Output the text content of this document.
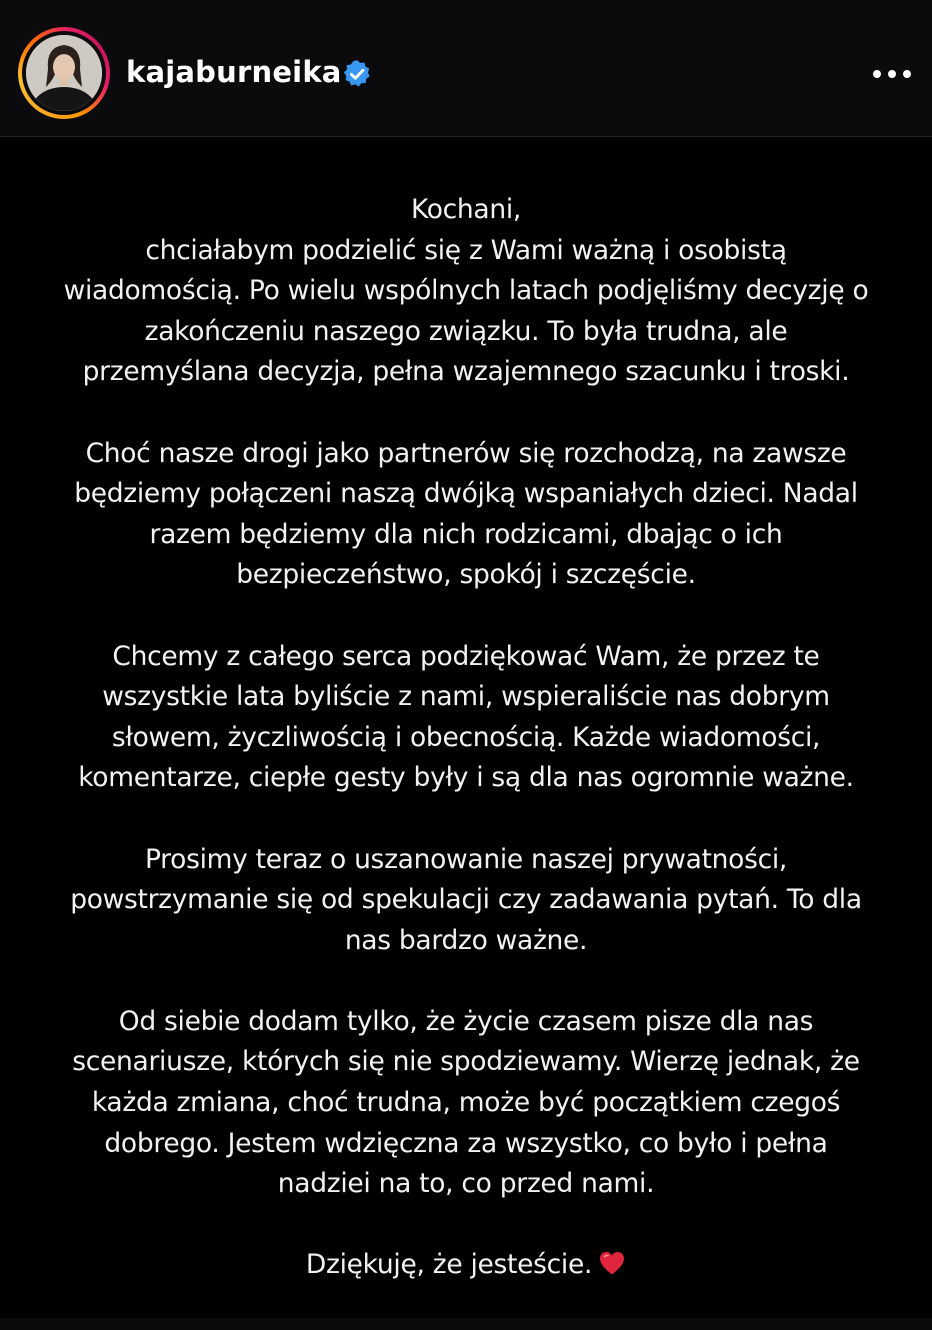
kajaburneika
Kochani,
chciałabym podzielić się z Wami ważną i osobistą
wiadomością. Po wielu wspólnych latach podjęliśmy decyzję o
zakończeniu naszego związku. To była trudna, ale
przemyślana decyzja, pełna wzajemnego szacunku i troski.
Choć nasze drogi jako partnerów się rozchodzą, na zawsze
będziemy połączeni naszą dwójką wspaniałych dzieci. Nadal
razem będziemy dla nich rodzicami, dbając o ich
bezpieczeństwo, spokój i szczęście.
Chcemy z całego serca podziękować Wam, że przez te
wszystkie lata byliście z nami, wspieraliście nas dobrym
słowem, życzliwością i obecnością. Każde wiadomości,
komentarze, ciepłe gesty były i są dla nas ogromnie ważne.
Prosimy teraz o uszanowanie naszej prywatności,
powstrzymanie się od spekulacji czy zadawania pytań. To dla
nas bardzo ważne.
Od siebie dodam tylko, że życie czasem pisze dla nas
scenariusze, których się nie spodziewamy. Wierzę jednak, że
każda zmiana, choć trudna, może być początkiem czegoś
dobrego. Jestem wdzięczna za wszystko, co było i pełna
nadziei na to, co przed nami.
Dziękuję, że jesteście.
